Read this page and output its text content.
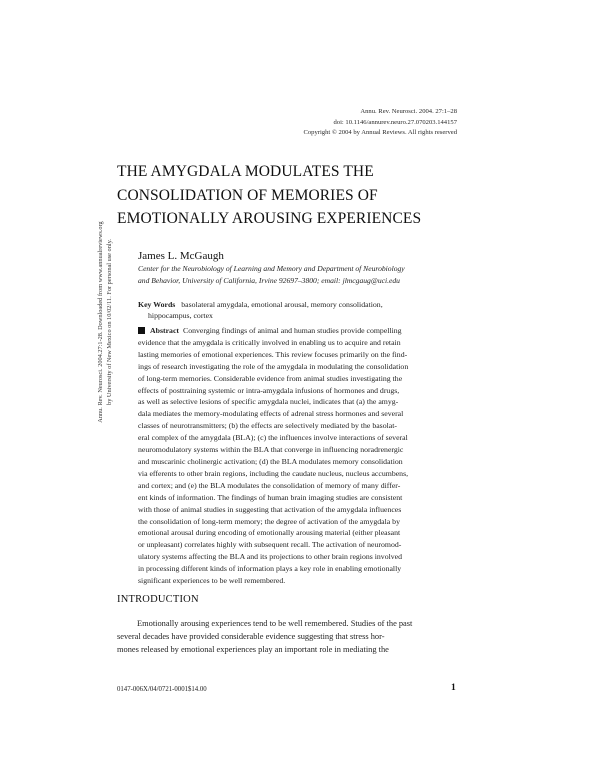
Annu. Rev. Neurosci. 2004. 27:1–28
doi: 10.1146/annurev.neuro.27.070203.144157
Copyright © 2004 by Annual Reviews. All rights reserved
THE AMYGDALA MODULATES THE
CONSOLIDATION OF MEMORIES OF
EMOTIONALLY AROUSING EXPERIENCES
James L. McGaugh
Center for the Neurobiology of Learning and Memory and Department of Neurobiology
and Behavior, University of California, Irvine 92697–3800; email: jlmcgaug@uci.edu
Annu. Rev. Neurosci. 2004.27:1-28. Downloaded from www.annualreviews.org by University of New Mexico on 10/02/11. For personal use only.	Key Words basolateral amygdala, emotional arousal, memory consolidation,
hippocampus, cortex
Abstract Converging findings of animal and human studies provide compelling
evidence that the amygdala is critically involved in enabling us to acquire and retain
lasting memories of emotional experiences. This review focuses primarily on the find-
ings of research investigating the role of the amygdala in modulating the consolidation
of long-term memories. Considerable evidence from animal studies investigating the
effects of posttraining systemic or intra-amygdala infusions of hormones and drugs,
as well as selective lesions of specific amygdala nuclei, indicates that (a) the amyg-
dala mediates the memory-modulating effects of adrenal stress hormones and several
classes of neurotransmitters; (b) the effects are selectively mediated by the basolat-
eral complex of the amygdala (BLA); (c) the influences involve interactions of several
neuromodulatory systems within the BLA that converge in influencing noradrenergic
and muscarinic cholinergic activation; (d) the BLA modulates memory consolidation
via efferents to other brain regions, including the caudate nucleus, nucleus accumbens,
and cortex; and (e) the BLA modulates the consolidation of memory of many differ-
ent kinds of information. The findings of human brain imaging studies are consistent
with those of animal studies in suggesting that activation of the amygdala influences
the consolidation of long-term memory; the degree of activation of the amygdala by
emotional arousal during encoding of emotionally arousing material (either pleasant
or unpleasant) correlates highly with subsequent recall. The activation of neuromod-
ulatory systems affecting the BLA and its projections to other brain regions involved
in processing different kinds of information plays a key role in enabling emotionally
significant experiences to be well remembered.
INTRODUCTION
Emotionally arousing experiences tend to be well remembered. Studies of the past
several decades have provided considerable evidence suggesting that stress hor-
mones released by emotional experiences play an important role in mediating the
0147-006X/04/0721-0001$14.00	1
